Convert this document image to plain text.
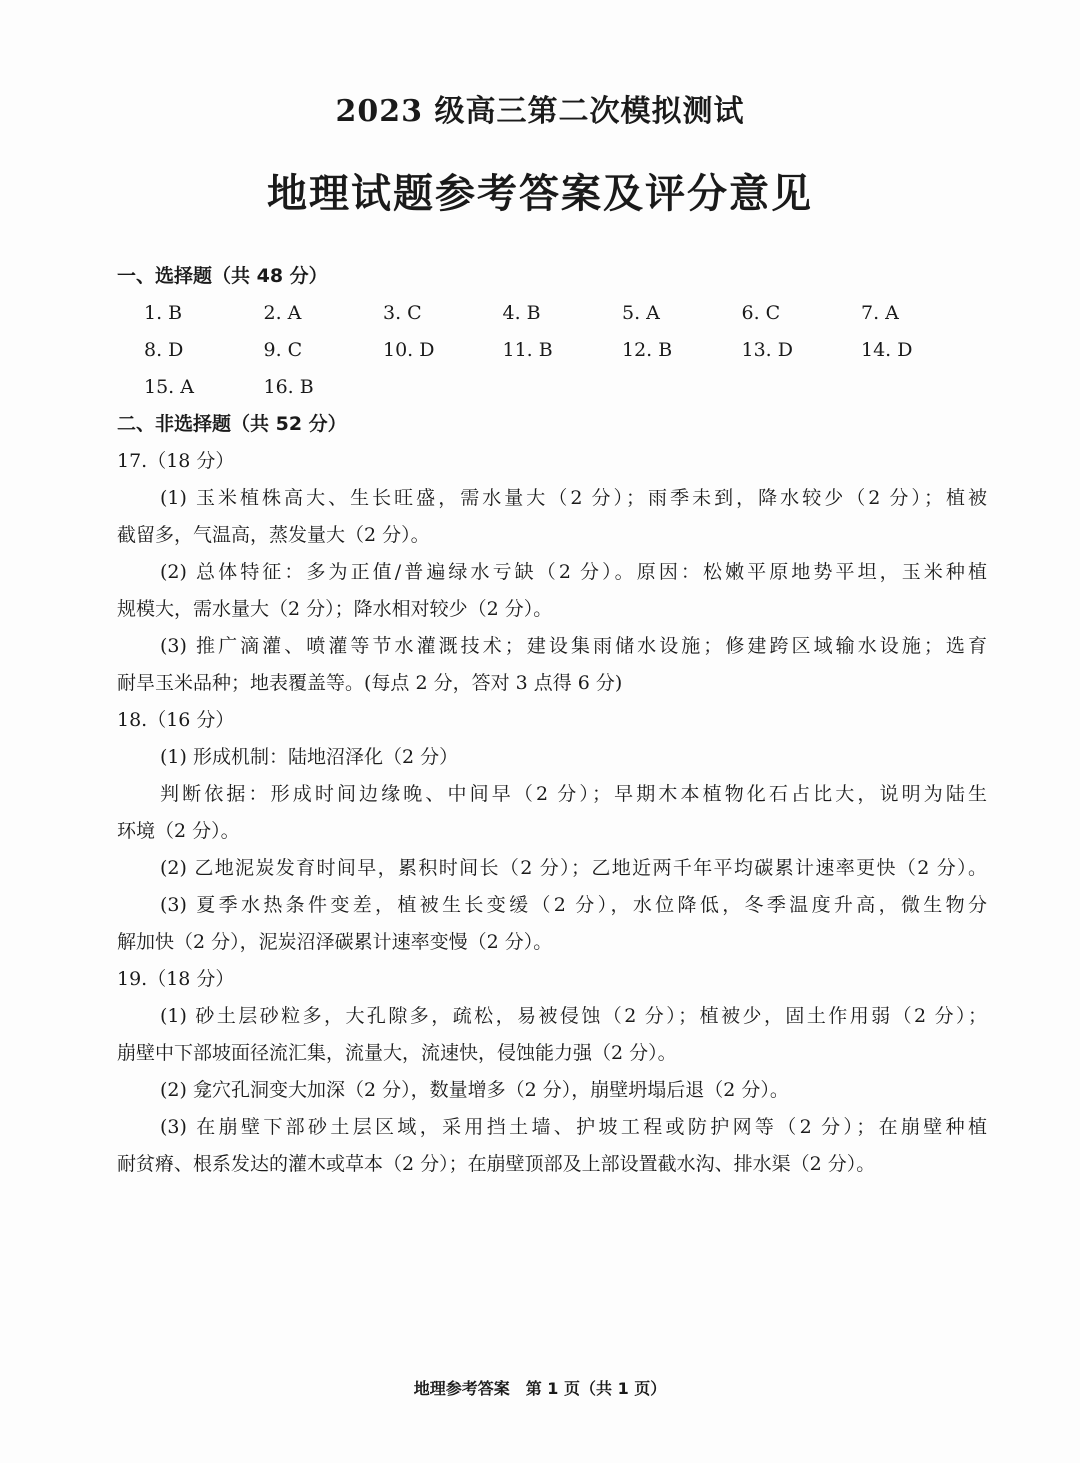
2023 级高三第二次模拟测试
地理试题参考答案及评分意见
一、选择题（共 48 分）
1. B	2. A	3. C	4. B	5. A	6. C	7. A
8. D	9. C	10. D	11. B	12. B	13. D	14. D
15. A	16. B
二、非选择题（共 52 分）
17.（18 分）
(1) 玉米植株高大、生长旺盛，需水量大（2 分）；雨季未到，降水较少（2 分）；植被
截留多，气温高，蒸发量大（2 分）。
(2) 总体特征：多为正值/普遍绿水亏缺（2 分）。原因：松嫩平原地势平坦，玉米种植
规模大，需水量大（2 分）；降水相对较少（2 分）。
(3) 推广滴灌、喷灌等节水灌溉技术；建设集雨储水设施；修建跨区域输水设施；选育
耐旱玉米品种；地表覆盖等。(每点 2 分，答对 3 点得 6 分)
18.（16 分）
(1) 形成机制：陆地沼泽化（2 分）
判断依据：形成时间边缘晚、中间早（2 分）；早期木本植物化石占比大，说明为陆生
环境（2 分）。
(2) 乙地泥炭发育时间早，累积时间长（2 分）；乙地近两千年平均碳累计速率更快（2 分）。
(3) 夏季水热条件变差，植被生长变缓（2 分），水位降低，冬季温度升高，微生物分
解加快（2 分），泥炭沼泽碳累计速率变慢（2 分）。
19.（18 分）
(1) 砂土层砂粒多，大孔隙多，疏松，易被侵蚀（2 分）；植被少，固土作用弱（2 分）；
崩壁中下部坡面径流汇集，流量大，流速快，侵蚀能力强（2 分）。
(2) 龛穴孔洞变大加深（2 分），数量增多（2 分），崩壁坍塌后退（2 分）。
(3) 在崩壁下部砂土层区域，采用挡土墙、护坡工程或防护网等（2 分）；在崩壁种植
耐贫瘠、根系发达的灌木或草本（2 分）；在崩壁顶部及上部设置截水沟、排水渠（2 分）。
地理参考答案　第 1 页（共 1 页）
